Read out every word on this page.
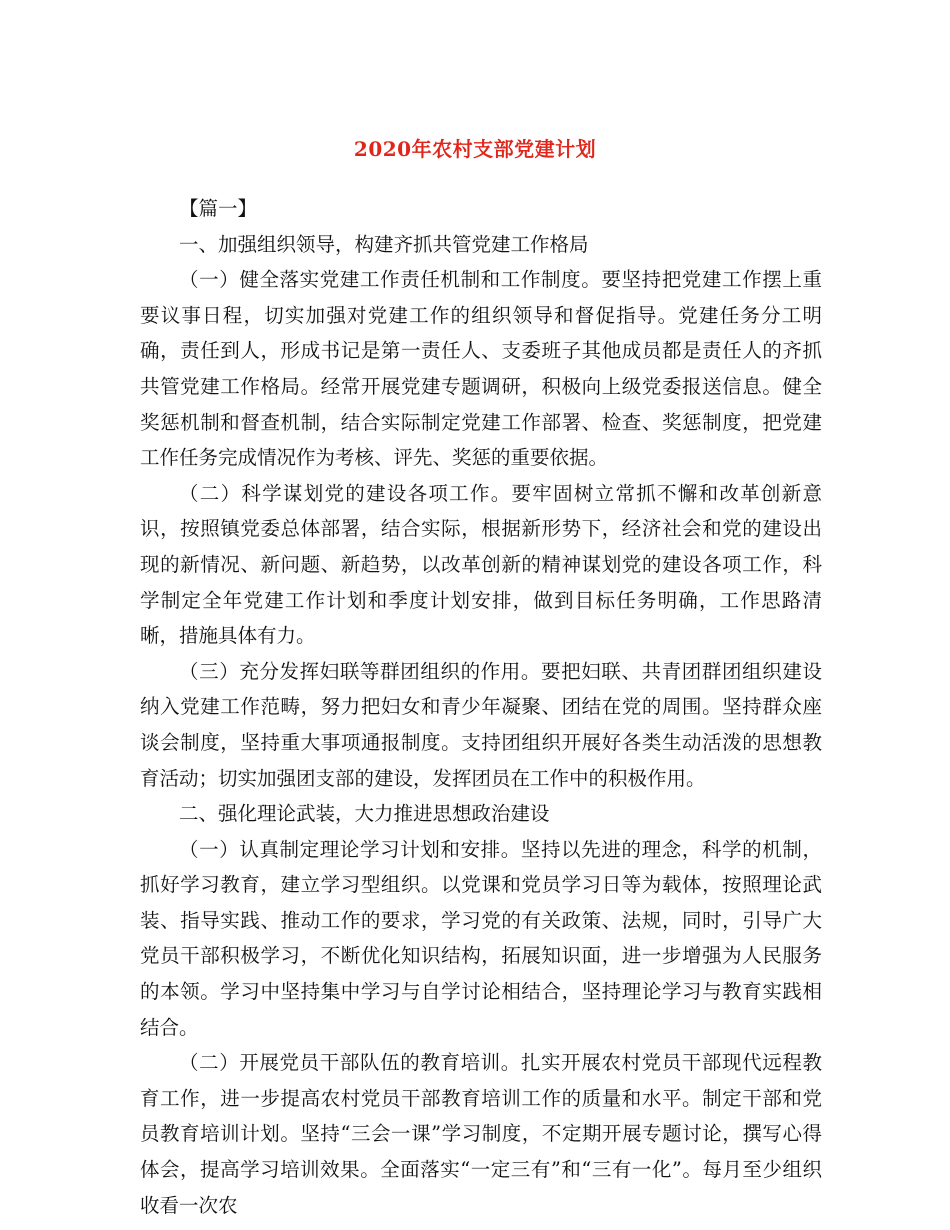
2020年农村支部党建计划

【篇一】

一、加强组织领导，构建齐抓共管党建工作格局

（一）健全落实党建工作责任机制和工作制度。要坚持把党建工作摆上重要议事日程，切实加强对党建工作的组织领导和督促指导。党建任务分工明确，责任到人，形成书记是第一责任人、支委班子其他成员都是责任人的齐抓共管党建工作格局。经常开展党建专题调研，积极向上级党委报送信息。健全奖惩机制和督查机制，结合实际制定党建工作部署、检查、奖惩制度，把党建工作任务完成情况作为考核、评先、奖惩的重要依据。

（二）科学谋划党的建设各项工作。要牢固树立常抓不懈和改革创新意识，按照镇党委总体部署，结合实际，根据新形势下，经济社会和党的建设出现的新情况、新问题、新趋势，以改革创新的精神谋划党的建设各项工作，科学制定全年党建工作计划和季度计划安排，做到目标任务明确，工作思路清晰，措施具体有力。

（三）充分发挥妇联等群团组织的作用。要把妇联、共青团群团组织建设纳入党建工作范畴，努力把妇女和青少年凝聚、团结在党的周围。坚持群众座谈会制度，坚持重大事项通报制度。支持团组织开展好各类生动活泼的思想教育活动；切实加强团支部的建设，发挥团员在工作中的积极作用。

二、强化理论武装，大力推进思想政治建设

（一）认真制定理论学习计划和安排。坚持以先进的理念，科学的机制，抓好学习教育，建立学习型组织。以党课和党员学习日等为载体，按照理论武装、指导实践、推动工作的要求，学习党的有关政策、法规，同时，引导广大党员干部积极学习，不断优化知识结构，拓展知识面，进一步增强为人民服务的本领。学习中坚持集中学习与自学讨论相结合，坚持理论学习与教育实践相结合。

（二）开展党员干部队伍的教育培训。扎实开展农村党员干部现代远程教育工作，进一步提高农村党员干部教育培训工作的质量和水平。制定干部和党员教育培训计划。坚持“三会一课”学习制度，不定期开展专题讨论，撰写心得体会，提高学习培训效果。全面落实“一定三有”和“三有一化”。每月至少组织收看一次农
